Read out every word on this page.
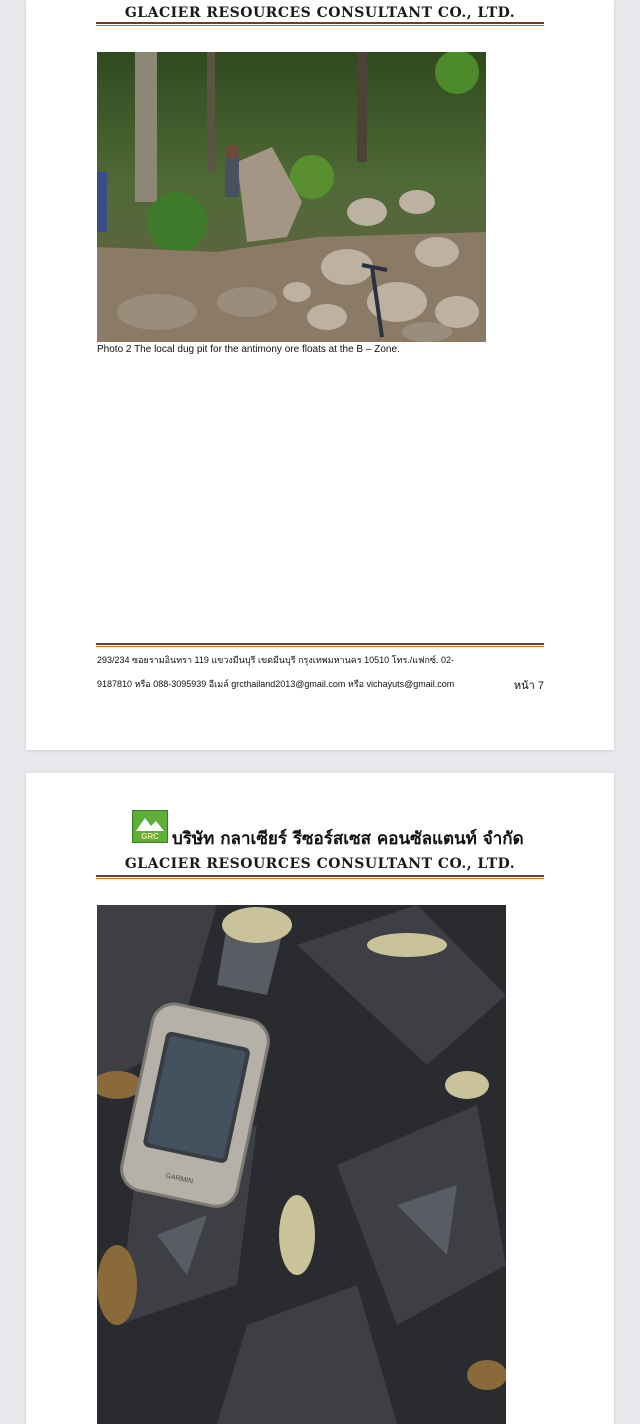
GLACIER RESOURCES CONSULTANT CO., LTD.
Photo 2 The local dug pit for the antimony ore floats at the B – Zone.
293/234 ซอยรามอินทรา 119 แขวงมีนบุรี เขตมีนบุรี กรุงเทพมหานคร 10510 โทร./แฟกซ์. 02-
9187810 หรือ 088-3095939 อีเมล์ grcthailand2013@gmail.com หรือ vichayuts@gmail.com	หน้า 7
GRC บริษัท กลาเซียร์ รีซอร์สเซส คอนซัลแตนท์ จำกัด
GLACIER RESOURCES CONSULTANT CO., LTD.
GARMIN
